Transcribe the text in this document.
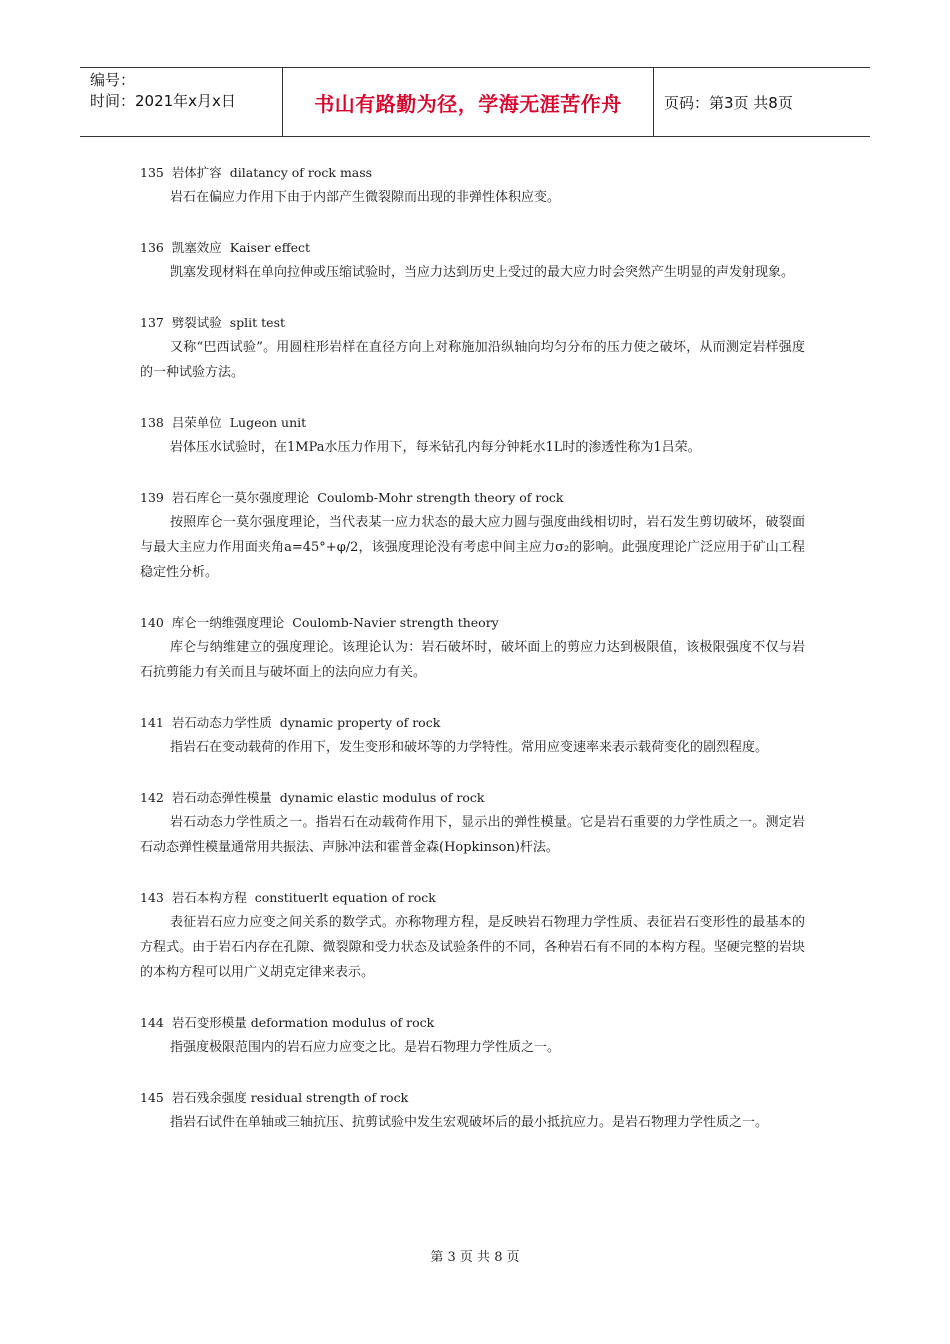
编号：
时间：2021年x月x日	书山有路勤为径，学海无涯苦作舟	页码：第3页 共8页
135  岩体扩容  dilatancy of rock mass
岩石在偏应力作用下由于内部产生微裂隙而出现的非弹性体积应变。
136  凯塞效应  Kaiser effect
凯塞发现材料在单向拉伸或压缩试验时，当应力达到历史上受过的最大应力时会突然产生明显的声发射现象。
137  劈裂试验  split test
又称“巴西试验”。用圆柱形岩样在直径方向上对称施加沿纵轴向均匀分布的压力使之破坏，从而测定岩样强度的一种试验方法。
138  吕荣单位  Lugeon unit
岩体压水试验时，在1MPa水压力作用下，每米钻孔内每分钟耗水1L时的渗透性称为1吕荣。
139  岩石库仑一莫尔强度理论  Coulomb-Mohr strength theory of rock
按照库仑一莫尔强度理论，当代表某一应力状态的最大应力圆与强度曲线相切时，岩石发生剪切破坏，破裂面与最大主应力作用面夹角a=45°+φ/2，该强度理论没有考虑中间主应力σ₂的影响。此强度理论广泛应用于矿山工程稳定性分析。
140  库仑一纳维强度理论  Coulomb-Navier strength theory
库仑与纳维建立的强度理论。该理论认为：岩石破坏时，破坏面上的剪应力达到极限值，该极限强度不仅与岩石抗剪能力有关而且与破坏面上的法向应力有关。
141  岩石动态力学性质  dynamic property of rock
指岩石在变动载荷的作用下，发生变形和破坏等的力学特性。常用应变速率来表示载荷变化的剧烈程度。
142  岩石动态弹性模量  dynamic elastic modulus of rock
岩石动态力学性质之一。指岩石在动载荷作用下，显示出的弹性模量。它是岩石重要的力学性质之一。测定岩石动态弹性模量通常用共振法、声脉冲法和霍普金森(Hopkinson)杆法。
143  岩石本构方程  constituerlt equation of rock
表征岩石应力应变之间关系的数学式。亦称物理方程，是反映岩石物理力学性质、表征岩石变形性的最基本的方程式。由于岩石内存在孔隙、微裂隙和受力状态及试验条件的不同，各种岩石有不同的本构方程。坚硬完整的岩块的本构方程可以用广义胡克定律来表示。
144  岩石变形模量 deformation modulus of rock
指强度极限范围内的岩石应力应变之比。是岩石物理力学性质之一。
145  岩石残余强度 residual strength of rock
指岩石试件在单轴或三轴抗压、抗剪试验中发生宏观破坏后的最小抵抗应力。是岩石物理力学性质之一。
第 3 页 共 8 页
